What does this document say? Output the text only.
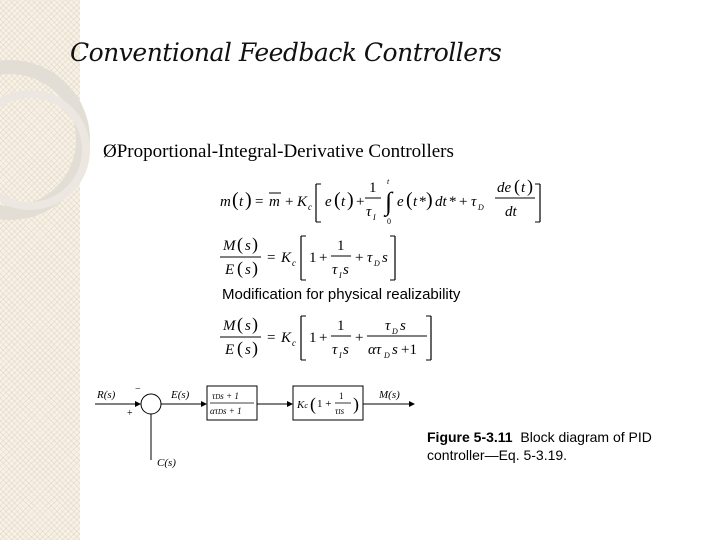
Conventional Feedback Controllers
ØProportional-Integral-Derivative Controllers
m ( t ) = m + K c e ( t ) +
1
τ I
∫
t
0
e ( t * ) dt * + τ D
de ( t )
dt
M ( s )
E ( s ) = K c 1 +
1
τ I s
+ τ D s
M ( s )
E ( s ) = K c 1 +
1
τ I s
+
τ D s
ατ D s +1
Modification for physical realizability
R(s)
+
−
C(s)
E(s)	τDs + 1
ατDs + 1	Kc ( 1 +
1
τIs ) M(s)
Figure 5-3.11 Block diagram of PID
controller—Eq. 5-3.19.
